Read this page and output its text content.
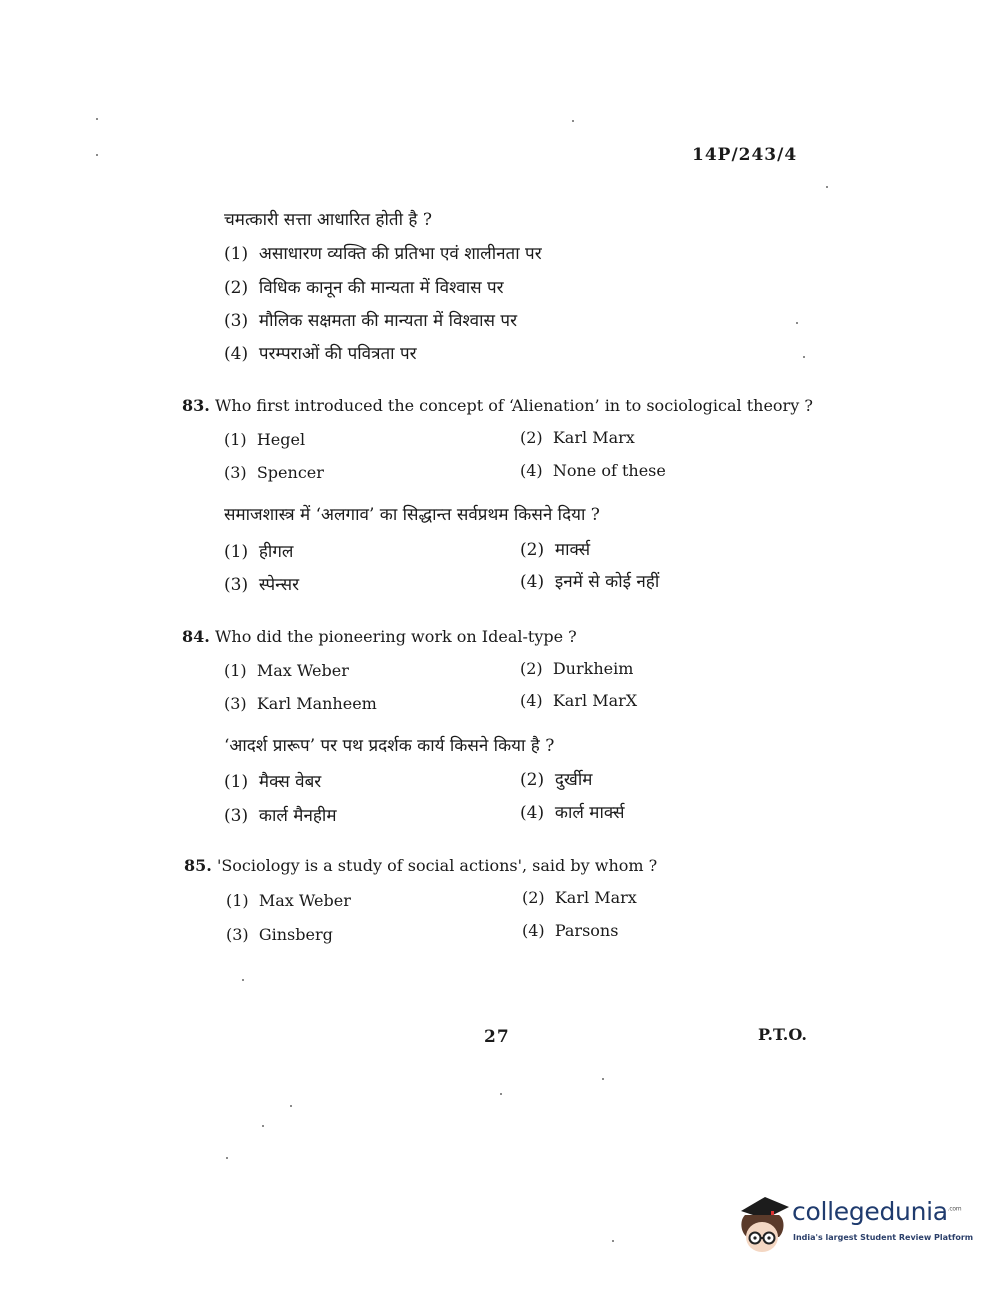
14P/243/4
चमत्कारी सत्ता आधारित होती है ?
(1) असाधारण व्यक्ति की प्रतिभा एवं शालीनता पर
(2) विधिक कानून की मान्यता में विश्वास पर
(3) मौलिक सक्षमता की मान्यता में विश्वास पर
(4) परम्पराओं की पवित्रता पर
83. Who first introduced the concept of ‘Alienation’ in to sociological theory ?
(1) Hegel	(2) Karl Marx
(3) Spencer	(4) None of these
समाजशास्त्र में ‘अलगाव’ का सिद्धान्त सर्वप्रथम किसने दिया ?
(1) हीगल	(2) मार्क्स
(3) स्पेन्सर	(4) इनमें से कोई नहीं
84. Who did the pioneering work on Ideal-type ?
(1) Max Weber	(2) Durkheim
(3) Karl Manheem	(4) Karl MarX
‘आदर्श प्रारूप’ पर पथ प्रदर्शक कार्य किसने किया है ?
(1) मैक्स वेबर	(2) दुर्खीम
(3) कार्ल मैनहीम	(4) कार्ल मार्क्स
85. 'Sociology is a study of social actions', said by whom ?
(1) Max Weber	(2) Karl Marx
(3) Ginsberg	(4) Parsons
27	P.T.O.
collegedunia$^{.com}$
India's largest Student Review Platform
